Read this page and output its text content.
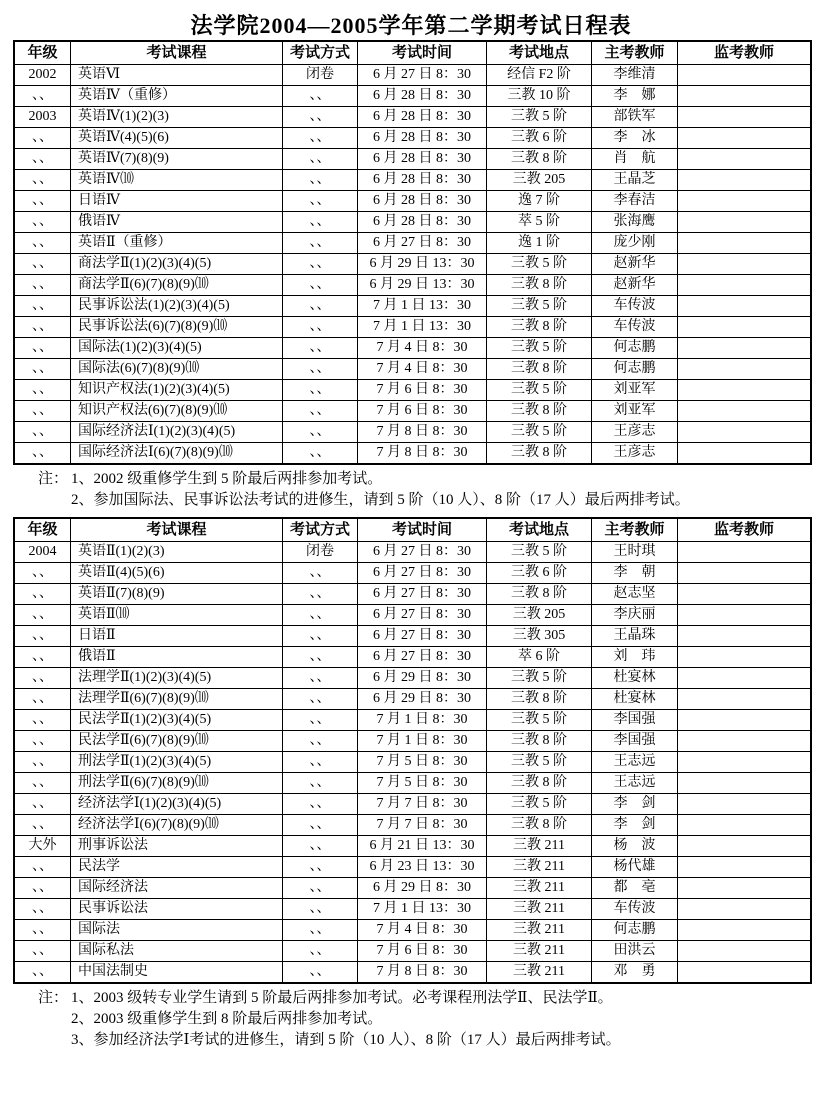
法学院2004—2005学年第二学期考试日程表
年级	考试课程	考试方式	考试时间	考试地点	主考教师	监考教师
2002	英语Ⅵ	闭卷	6 月 27 日 8：30	经信 F2 阶	李维清	
、、	英语Ⅳ（重修）	、、	6 月 28 日 8：30	三教 10 阶	李　娜	
2003	英语Ⅳ(1)(2)(3)	、、	6 月 28 日 8：30	三教 5 阶	部铁军	
、、	英语Ⅳ(4)(5)(6)	、、	6 月 28 日 8：30	三教 6 阶	李　冰	
、、	英语Ⅳ(7)(8)(9)	、、	6 月 28 日 8：30	三教 8 阶	肖　航	
、、	英语Ⅳ⑽	、、	6 月 28 日 8：30	三教 205	王晶芝	
、、	日语Ⅳ	、、	6 月 28 日 8：30	逸 7 阶	李春洁	
、、	俄语Ⅳ	、、	6 月 28 日 8：30	萃 5 阶	张海鹰	
、、	英语Ⅱ（重修）	、、	6 月 27 日 8：30	逸 1 阶	庞少刚	
、、	商法学Ⅱ(1)(2)(3)(4)(5)	、、	6 月 29 日 13：30	三教 5 阶	赵新华	
、、	商法学Ⅱ(6)(7)(8)(9)⑽	、、	6 月 29 日 13：30	三教 8 阶	赵新华	
、、	民事诉讼法(1)(2)(3)(4)(5)	、、	7 月 1 日 13：30	三教 5 阶	车传波	
、、	民事诉讼法(6)(7)(8)(9)⑽	、、	7 月 1 日 13：30	三教 8 阶	车传波	
、、	国际法(1)(2)(3)(4)(5)	、、	7 月 4 日 8：30	三教 5 阶	何志鹏	
、、	国际法(6)(7)(8)(9)⑽	、、	7 月 4 日 8：30	三教 8 阶	何志鹏	
、、	知识产权法(1)(2)(3)(4)(5)	、、	7 月 6 日 8：30	三教 5 阶	刘亚军	
、、	知识产权法(6)(7)(8)(9)⑽	、、	7 月 6 日 8：30	三教 8 阶	刘亚军	
、、	国际经济法Ⅰ(1)(2)(3)(4)(5)	、、	7 月 8 日 8：30	三教 5 阶	王彦志	
、、	国际经济法Ⅰ(6)(7)(8)(9)⑽	、、	7 月 8 日 8：30	三教 8 阶	王彦志	
注： 1、2002 级重修学生到 5 阶最后两排参加考试。
2、参加国际法、民事诉讼法考试的进修生，请到 5 阶（10 人）、8 阶（17 人）最后两排考试。
年级	考试课程	考试方式	考试时间	考试地点	主考教师	监考教师
2004	英语Ⅱ(1)(2)(3)	闭卷	6 月 27 日 8：30	三教 5 阶	王时琪	
、、	英语Ⅱ(4)(5)(6)	、、	6 月 27 日 8：30	三教 6 阶	李　朝	
、、	英语Ⅱ(7)(8)(9)	、、	6 月 27 日 8：30	三教 8 阶	赵志坚	
、、	英语Ⅱ⑽	、、	6 月 27 日 8：30	三教 205	李庆丽	
、、	日语Ⅱ	、、	6 月 27 日 8：30	三教 305	王晶珠	
、、	俄语Ⅱ	、、	6 月 27 日 8：30	萃 6 阶	刘　玮	
、、	法理学Ⅱ(1)(2)(3)(4)(5)	、、	6 月 29 日 8：30	三教 5 阶	杜宴林	
、、	法理学Ⅱ(6)(7)(8)(9)⑽	、、	6 月 29 日 8：30	三教 8 阶	杜宴林	
、、	民法学Ⅱ(1)(2)(3)(4)(5)	、、	7 月 1 日 8：30	三教 5 阶	李国强	
、、	民法学Ⅱ(6)(7)(8)(9)⑽	、、	7 月 1 日 8：30	三教 8 阶	李国强	
、、	刑法学Ⅱ(1)(2)(3)(4)(5)	、、	7 月 5 日 8：30	三教 5 阶	王志远	
、、	刑法学Ⅱ(6)(7)(8)(9)⑽	、、	7 月 5 日 8：30	三教 8 阶	王志远	
、、	经济法学Ⅰ(1)(2)(3)(4)(5)	、、	7 月 7 日 8：30	三教 5 阶	李　剑	
、、	经济法学Ⅰ(6)(7)(8)(9)⑽	、、	7 月 7 日 8：30	三教 8 阶	李　剑	
大外	刑事诉讼法	、、	6 月 21 日 13：30	三教 211	杨　波	
、、	民法学	、、	6 月 23 日 13：30	三教 211	杨代雄	
、、	国际经济法	、、	6 月 29 日 8：30	三教 211	都　亳	
、、	民事诉讼法	、、	7 月 1 日 13：30	三教 211	车传波	
、、	国际法	、、	7 月 4 日 8：30	三教 211	何志鹏	
、、	国际私法	、、	7 月 6 日 8：30	三教 211	田洪云	
、、	中国法制史	、、	7 月 8 日 8：30	三教 211	邓　勇	
注： 1、2003 级转专业学生请到 5 阶最后两排参加考试。必考课程刑法学Ⅱ、民法学Ⅱ。
2、2003 级重修学生到 8 阶最后两排参加考试。
3、参加经济法学Ⅰ考试的进修生，请到 5 阶（10 人）、8 阶（17 人）最后两排考试。
